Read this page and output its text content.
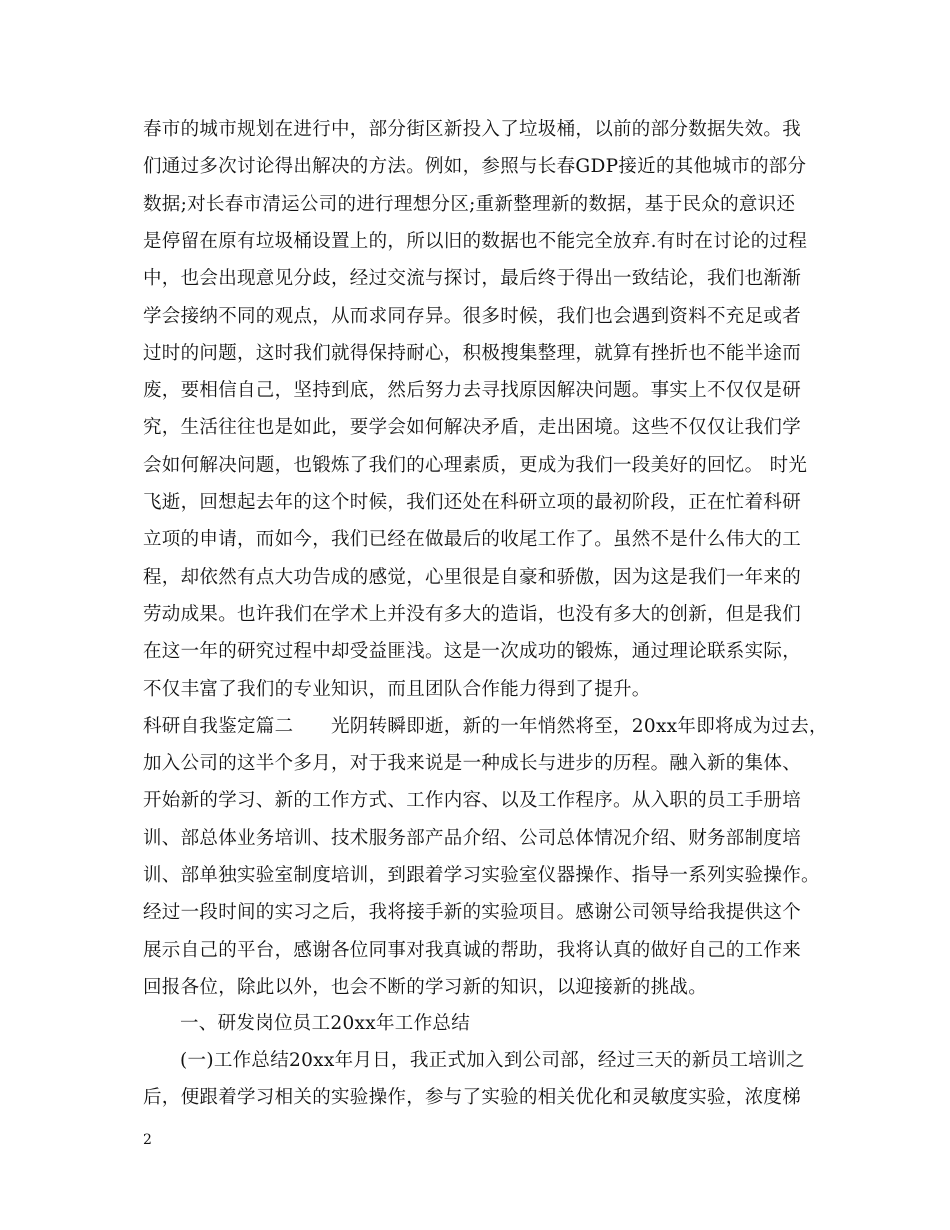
春市的城市规划在进行中，部分街区新投入了垃圾桶，以前的部分数据失效。我
们通过多次讨论得出解决的方法。例如，参照与长春GDP接近的其他城市的部分
数据;对长春市清运公司的进行理想分区;重新整理新的数据，基于民众的意识还
是停留在原有垃圾桶设置上的，所以旧的数据也不能完全放弃.有时在讨论的过程
中，也会出现意见分歧，经过交流与探讨，最后终于得出一致结论，我们也渐渐
学会接纳不同的观点，从而求同存异。很多时候，我们也会遇到资料不充足或者
过时的问题，这时我们就得保持耐心，积极搜集整理，就算有挫折也不能半途而
废，要相信自己，坚持到底，然后努力去寻找原因解决问题。事实上不仅仅是研
究，生活往往也是如此，要学会如何解决矛盾，走出困境。这些不仅仅让我们学
会如何解决问题，也锻炼了我们的心理素质，更成为我们一段美好的回忆。 时光
飞逝，回想起去年的这个时候，我们还处在科研立项的最初阶段，正在忙着科研
立项的申请，而如今，我们已经在做最后的收尾工作了。虽然不是什么伟大的工
程，却依然有点大功告成的感觉，心里很是自豪和骄傲，因为这是我们一年来的
劳动成果。也许我们在学术上并没有多大的造诣，也没有多大的创新，但是我们
在这一年的研究过程中却受益匪浅。这是一次成功的锻炼，通过理论联系实际，
不仅丰富了我们的专业知识，而且团队合作能力得到了提升。
科研自我鉴定篇二　　光阴转瞬即逝，新的一年悄然将至，20xx年即将成为过去，
加入公司的这半个多月，对于我来说是一种成长与进步的历程。融入新的集体、
开始新的学习、新的工作方式、工作内容、以及工作程序。从入职的员工手册培
训、部总体业务培训、技术服务部产品介绍、公司总体情况介绍、财务部制度培
训、部单独实验室制度培训，到跟着学习实验室仪器操作、指导一系列实验操作。
经过一段时间的实习之后，我将接手新的实验项目。感谢公司领导给我提供这个
展示自己的平台，感谢各位同事对我真诚的帮助，我将认真的做好自己的工作来
回报各位，除此以外，也会不断的学习新的知识，以迎接新的挑战。
一、研发岗位员工20xx年工作总结
(一)工作总结20xx年月日，我正式加入到公司部，经过三天的新员工培训之
后，便跟着学习相关的实验操作，参与了实验的相关优化和灵敏度实验，浓度梯
2
